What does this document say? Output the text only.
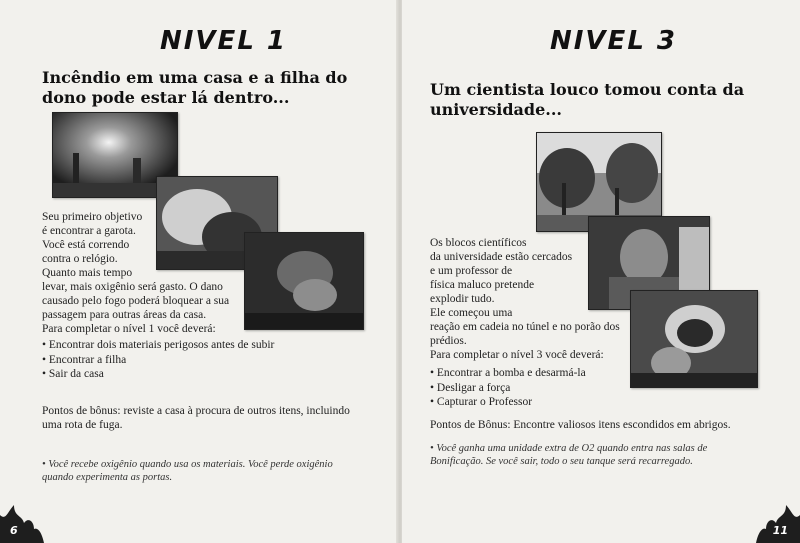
NIVEL 1
Incêndio em uma casa e a filha do dono pode estar lá dentro...

Seu primeiro objetivo

é encontrar a garota.

Você está correndo

contra o relógio.

Quanto mais tempo

levar, mais oxigênio será gasto. O dano

causado pelo fogo poderá bloquear a sua

passagem para outras áreas da casa.

Para completar o nível 1 você deverá:

• Encontrar dois materiais perigosos antes de subir
• Encontrar a filha
• Sair da casa
Pontos de bônus: reviste a casa à procura de outros itens, incluindo uma rota de fuga.
• Você recebe oxigênio quando usa os materiais. Você perde oxigênio quando experimenta as portas.
6
NIVEL 3
Um cientista louco tomou conta da universidade...

Os blocos científicos

da universidade estão cercados

e um professor de

física maluco pretende

explodir tudo.

Ele começou uma

reação em cadeia no túnel e no porão dos

prédios.

Para completar o nível 3 você deverá:

• Encontrar a bomba e desarmá-la
• Desligar a força
• Capturar o Professor
Pontos de Bônus: Encontre valiosos itens escondidos em abrigos.
• Você ganha uma unidade extra de O2 quando entra nas salas de Bonificação. Se você sair, todo o seu tanque será recarregado.
11
